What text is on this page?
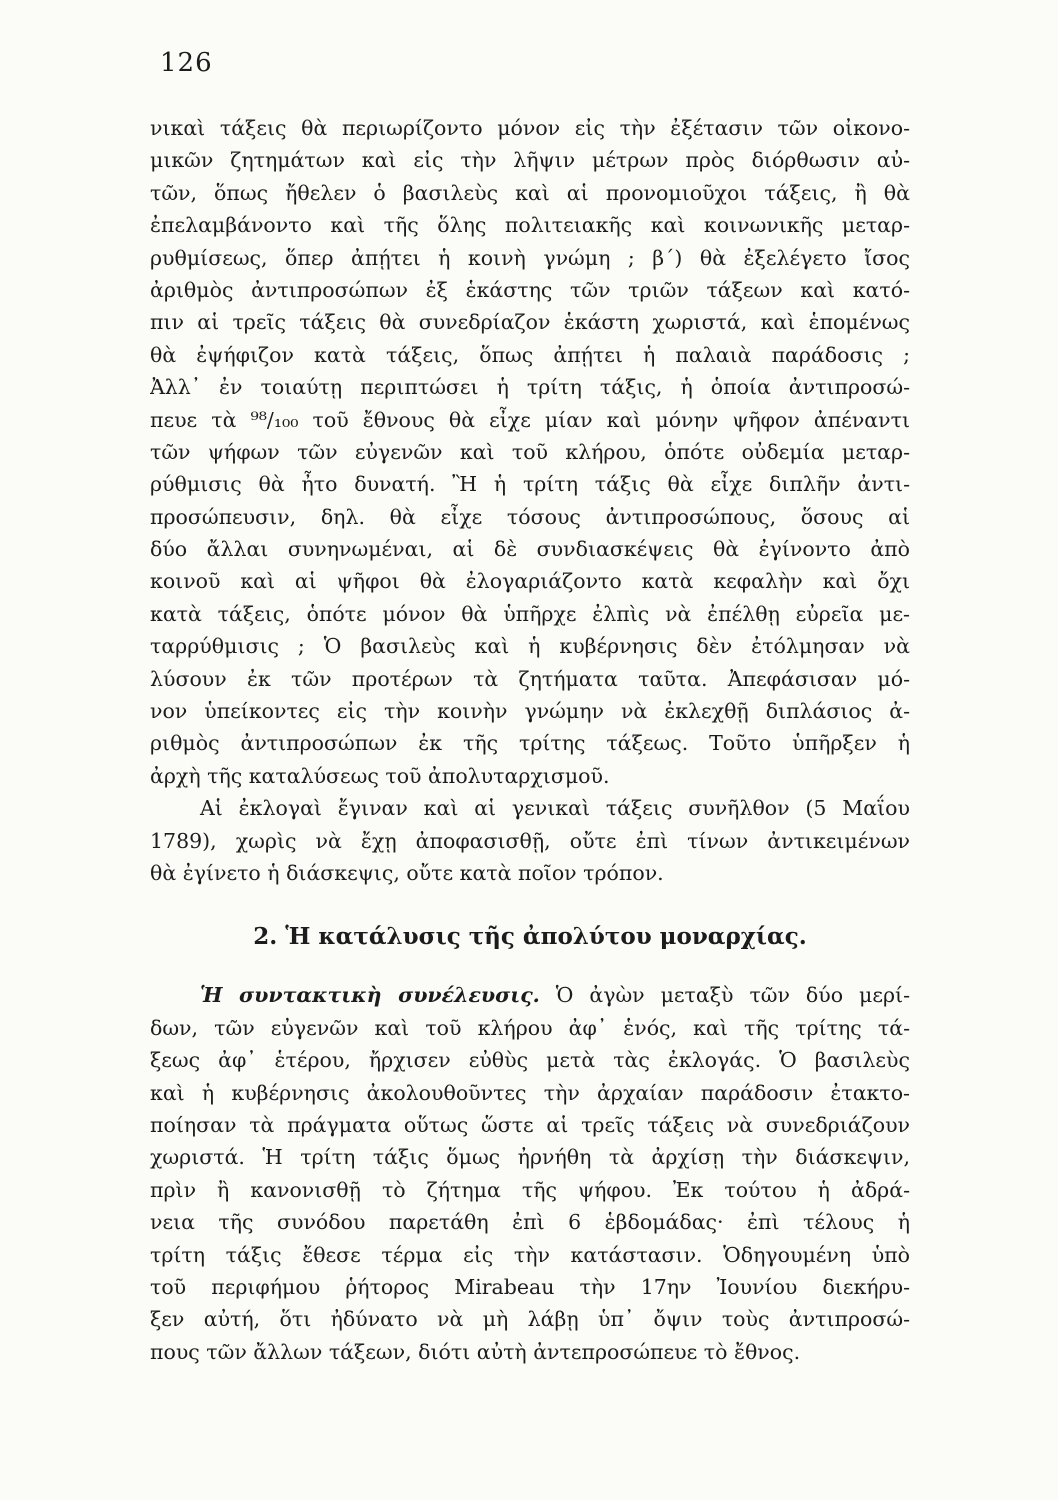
126
νικαὶ τάξεις θὰ περιωρίζοντο μόνον εἰς τὴν ἐξέτασιν τῶν οἰκονο-
μικῶν ζητημάτων καὶ εἰς τὴν λῆψιν μέτρων πρὸς διόρθωσιν αὐ-
τῶν, ὅπως ἤθελεν ὁ βασιλεὺς καὶ αἱ προνομιοῦχοι τάξεις, ἢ θὰ
ἐπελαμβάνοντο καὶ τῆς ὅλης πολιτειακῆς καὶ κοινωνικῆς μεταρ-
ρυθμίσεως, ὅπερ ἀπῄτει ἡ κοινὴ γνώμη ; β΄) θὰ ἐξελέγετο ἴσος
ἀριθμὸς ἀντιπροσώπων ἐξ ἑκάστης τῶν τριῶν τάξεων καὶ κατό-
πιν αἱ τρεῖς τάξεις θὰ συνεδρίαζον ἑκάστη χωριστά, καὶ ἑπομένως
θὰ ἐψήφιζον κατὰ τάξεις, ὅπως ἀπῄτει ἡ παλαιὰ παράδοσις ;
Ἀλλ᾽ ἐν τοιαύτῃ περιπτώσει ἡ τρίτη τάξις, ἡ ὁποία ἀντιπροσώ-
πευε τὰ ⁹⁸/₁₀₀ τοῦ ἔθνους θὰ εἶχε μίαν καὶ μόνην ψῆφον ἀπέναντι
τῶν ψήφων τῶν εὐγενῶν καὶ τοῦ κλήρου, ὁπότε οὐδεμία μεταρ-
ρύθμισις θὰ ἦτο δυνατή. Ἢ ἡ τρίτη τάξις θὰ εἶχε διπλῆν ἀντι-
προσώπευσιν, δηλ. θὰ εἶχε τόσους ἀντιπροσώπους, ὅσους αἱ
δύο ἄλλαι συνηνωμέναι, αἱ δὲ συνδιασκέψεις θὰ ἐγίνοντο ἀπὸ
κοινοῦ καὶ αἱ ψῆφοι θὰ ἐλογαριάζοντο κατὰ κεφαλὴν καὶ ὄχι
κατὰ τάξεις, ὁπότε μόνον θὰ ὑπῆρχε ἐλπὶς νὰ ἐπέλθῃ εὐρεῖα με-
ταρρύθμισις ; Ὁ βασιλεὺς καὶ ἡ κυβέρνησις δὲν ἐτόλμησαν νὰ
λύσουν ἐκ τῶν προτέρων τὰ ζητήματα ταῦτα. Ἀπεφάσισαν μό-
νον ὑπείκοντες εἰς τὴν κοινὴν γνώμην νὰ ἐκλεχθῇ διπλάσιος ἀ-
ριθμὸς ἀντιπροσώπων ἐκ τῆς τρίτης τάξεως. Τοῦτο ὑπῆρξεν ἡ
ἀρχὴ τῆς καταλύσεως τοῦ ἀπολυταρχισμοῦ.
Αἱ ἐκλογαὶ ἔγιναν καὶ αἱ γενικαὶ τάξεις συνῆλθον (5 Μαΐου
1789), χωρὶς νὰ ἔχῃ ἀποφασισθῇ, οὔτε ἐπὶ τίνων ἀντικειμένων
θὰ ἐγίνετο ἡ διάσκεψις, οὔτε κατὰ ποῖον τρόπον.
2. Ἡ κατάλυσις τῆς ἀπολύτου μοναρχίας.
Ἡ συντακτικὴ συνέλευσις. Ὁ ἀγὼν μεταξὺ τῶν δύο μερί-
δων, τῶν εὐγενῶν καὶ τοῦ κλήρου ἀφ᾽ ἑνός, καὶ τῆς τρίτης τά-
ξεως ἀφ᾽ ἑτέρου, ἤρχισεν εὐθὺς μετὰ τὰς ἐκλογάς. Ὁ βασιλεὺς
καὶ ἡ κυβέρνησις ἀκολουθοῦντες τὴν ἀρχαίαν παράδοσιν ἐτακτο-
ποίησαν τὰ πράγματα οὕτως ὥστε αἱ τρεῖς τάξεις νὰ συνεδριάζουν
χωριστά. Ἡ τρίτη τάξις ὅμως ἠρνήθη τὰ ἀρχίσῃ τὴν διάσκεψιν,
πρὶν ἢ κανονισθῇ τὸ ζήτημα τῆς ψήφου. Ἐκ τούτου ἡ ἀδρά-
νεια τῆς συνόδου παρετάθη ἐπὶ 6 ἑβδομάδας· ἐπὶ τέλους ἡ
τρίτη τάξις ἔθεσε τέρμα εἰς τὴν κατάστασιν. Ὁδηγουμένη ὑπὸ
τοῦ περιφήμου ῥήτορος Mirabeau τὴν 17ην Ἰουνίου διεκήρυ-
ξεν αὐτή, ὅτι ἠδύνατο νὰ μὴ λάβῃ ὑπ᾽ ὄψιν τοὺς ἀντιπροσώ-
πους τῶν ἄλλων τάξεων, διότι αὐτὴ ἀντεπροσώπευε τὸ ἔθνος.
